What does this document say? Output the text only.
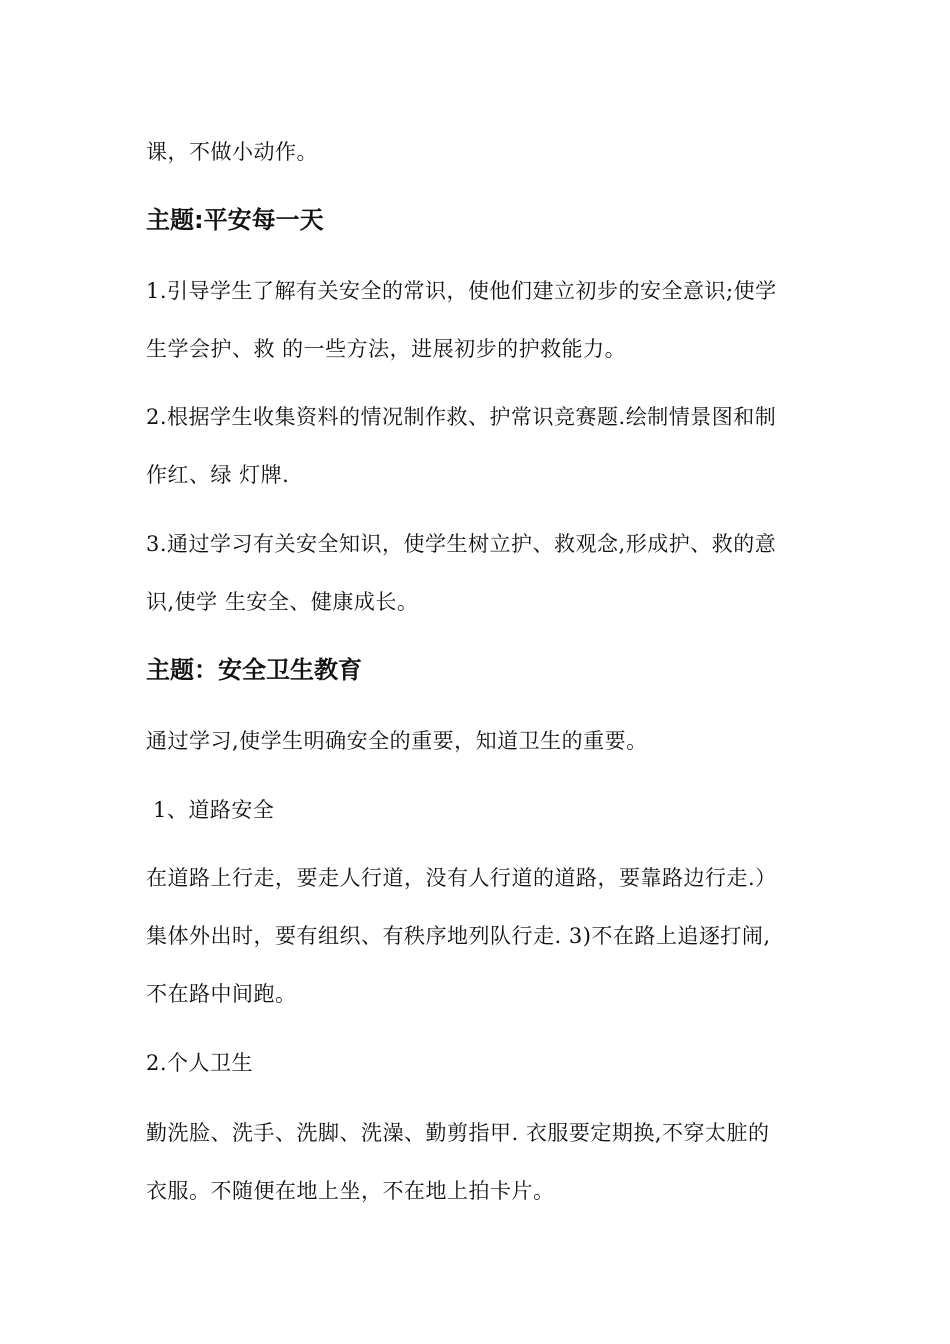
课，不做小动作。
主题:平安每一天
1.引导学生了解有关安全的常识，使他们建立初步的安全意识;使学
生学会护、救 的一些方法，进展初步的护救能力。
2.根据学生收集资料的情况制作救、护常识竞赛题.绘制情景图和制
作红、绿 灯牌.
3.通过学习有关安全知识，使学生树立护、救观念,形成护、救的意
识,使学 生安全、健康成长。
主题：安全卫生教育
通过学习,使学生明确安全的重要，知道卫生的重要。
1、道路安全
在道路上行走，要走人行道，没有人行道的道路，要靠路边行走.）
集体外出时，要有组织、有秩序地列队行走. 3)不在路上追逐打闹,
不在路中间跑。
2.个人卫生
勤洗脸、洗手、洗脚、洗澡、勤剪指甲. 衣服要定期换,不穿太脏的
衣服。不随便在地上坐，不在地上拍卡片。
